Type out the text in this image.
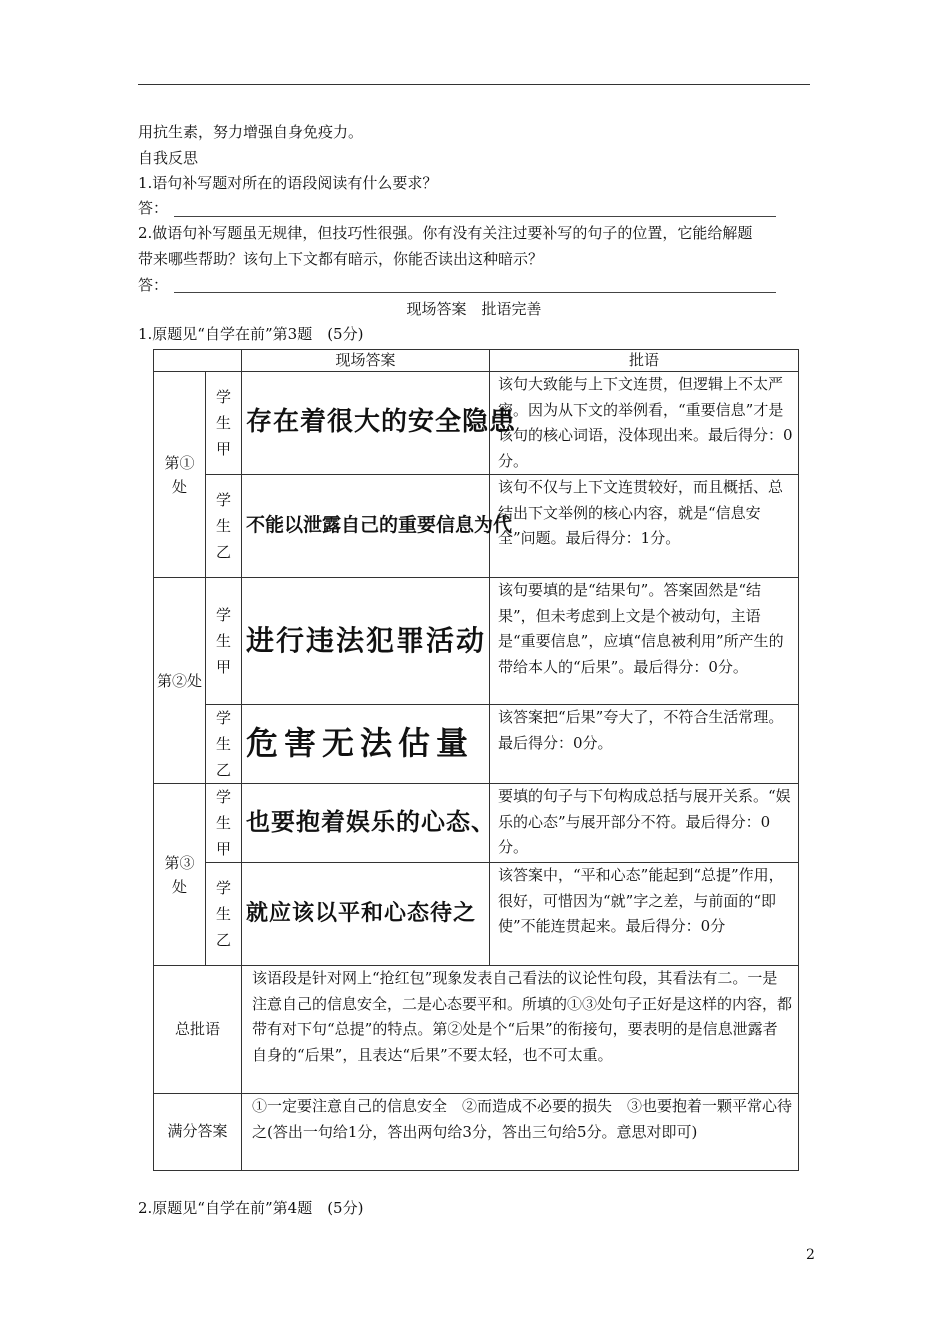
用抗生素，努力增强自身免疫力。
自我反思
1.语句补写题对所在的语段阅读有什么要求？
答：
2.做语句补写题虽无规律，但技巧性很强。你有没有关注过要补写的句子的位置，它能给解题
带来哪些帮助？该句上下文都有暗示，你能否读出这种暗示？
答：
现场答案　批语完善
1.原题见“自学在前”第3题　(5分)
		现场答案	批语
第①处	学
生
甲	存在着很大的安全隐患	该句大致能与上下文连贯，但逻辑上不太严密。因为从下文的举例看，“重要信息”才是该句的核心词语，没体现出来。最后得分：0分。

	学
生
乙	不能以泄露自己的重要信息为代	该句不仅与上下文连贯较好，而且概括、总结出下文举例的核心内容，就是“信息安全”问题。最后得分：1分。

第②处	学
生
甲	进行违法犯罪活动	该句要填的是“结果句”。答案固然是“结果”，但未考虑到上文是个被动句，主语是“重要信息”，应填“信息被利用”所产生的带给本人的“后果”。最后得分：0分。

	学
生
乙	危害无法估量	该答案把“后果”夸大了，不符合生活常理。最后得分：0分。
第③处	学
生
甲	也要抱着娱乐的心态、	要填的句子与下句构成总括与展开关系。“娱乐的心态”与展开部分不符。最后得分：0分。

	学
生
乙	就应该以平和心态待之	该答案中，“平和心态”能起到“总提”作用，很好，可惜因为“就”字之差，与前面的“即使”不能连贯起来。最后得分：0分
总批语		该语段是针对网上“抢红包”现象发表自己看法的议论性句段，其看法有二。一是注意自己的信息安全，二是心态要平和。所填的①③处句子正好是这样的内容，都带有对下句“总提”的特点。第②处是个“后果”的衔接句，要表明的是信息泄露者自身的“后果”，且表达“后果”不要太轻，也不可太重。	
满分答案		①一定要注意自己的信息安全　②而造成不必要的损失　③也要抱着一颗平常心待之(答出一句给1分，答出两句给3分，答出三句给5分。意思对即可)	
2.原题见“自学在前”第4题　(5分)
2
